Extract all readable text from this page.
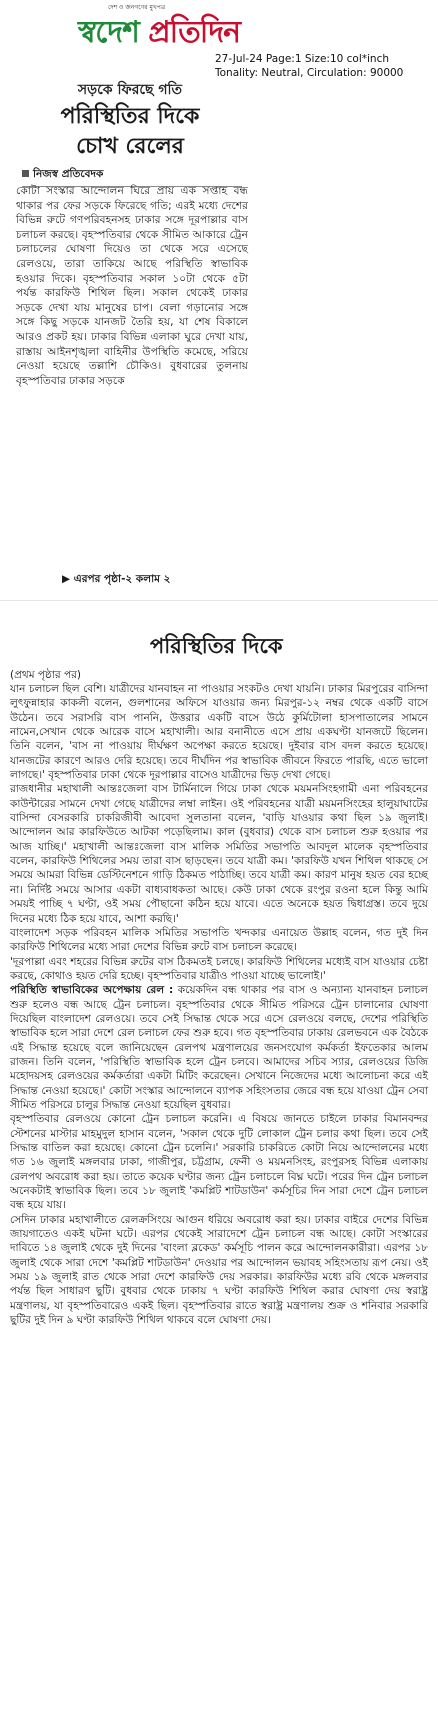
দেশ ও জনগণের মুখপত্র
স্বদেশ প্রতিদিন
27-Jul-24 Page:1 Size:10 col*inch
Tonality: Neutral, Circulation: 90000
সড়কে ফিরছে গতি
পরিস্থিতির দিকে
চোখ রেলের
নিজস্ব প্রতিবেদক

কোটা সংস্কার আন্দোলন ঘিরে প্রায় এক সপ্তাহ বন্ধ থাকার পর ফের সড়কে ফিরেছে গতি; এরই মধ্যে দেশের বিভিন্ন রুটে গণপরিবহনসহ ঢাকার সঙ্গে দূরপাল্লার বাস চলাচল করছে। বৃহস্পতিবার থেকে সীমিত আকারে ট্রেন চলাচলের ঘোষণা দিয়েও তা থেকে সরে এসেছে রেলওয়ে, তারা তাকিয়ে আছে পরিস্থিতি স্বাভাবিক হওয়ার দিকে। বৃহস্পতিবার সকাল ১০টা থেকে ৫টা পর্যন্ত কারফিউ শিথিল ছিল। সকাল থেকেই ঢাকার সড়কে দেখা যায় মানুষের চাপ। বেলা গড়ানোর সঙ্গে সঙ্গে কিছু সড়কে যানজট তৈরি হয়, যা শেষ বিকালে আরও প্রকট হয়। ঢাকার বিভিন্ন এলাকা ঘুরে দেখা যায়, রাস্তায় আইনশৃঙ্খলা বাহিনীর উপস্থিতি কমেছে, সরিয়ে নেওয়া হয়েছে তল্লাশি চৌকিও। বুধবারের তুলনায় বৃহস্পতিবার ঢাকার সড়কে

▶ এরপর পৃষ্ঠা-২ কলাম ২
পরিস্থিতির দিকে
(প্রথম পৃষ্ঠার পর)

যান চলাচল ছিল বেশি। যাত্রীদের যানবাহন না পাওয়ার সংকটও দেখা যায়নি। ঢাকার মিরপুরের বাসিন্দা লুৎফুন্নাহার কাকলী বলেন, গুলশানের অফিসে যাওয়ার জন্য মিরপুর-১২ নম্বর থেকে একটি বাসে উঠেন। তবে সরাসরি বাস পাননি, উত্তরার একটি বাসে উঠে কুর্মিটোলা হাসপাতালের সামনে নামেন,সেখান থেকে আরেক বাসে মহাখালী। আর বনানীতে এসে প্রায় একঘণ্টা যানজটে ছিলেন। তিনি বলেন, 'বাস না পাওয়ায় দীর্ঘক্ষণ অপেক্ষা করতে হয়েছে। দুইবার বাস বদল করতে হয়েছে। যানজটের কারণে আরও দেরি হয়েছে। তবে দীর্ঘদিন পর স্বাভাবিক জীবনে ফিরতে পারছি, এতে ভালো লাগছে।' বৃহস্পতিবার ঢাকা থেকে দূরপাল্লার বাসেও যাত্রীদের ভিড় দেখা গেছে।

রাজধানীর মহাখালী আন্তঃজেলা বাস টার্মিনালে গিয়ে ঢাকা থেকে ময়মনসিংহগামী এনা পরিবহনের কাউন্টারের সামনে দেখা গেছে যাত্রীদের লম্বা লাইন। ওই পরিবহনের যাত্রী ময়মনসিংহের হালুয়াঘাটের বাসিন্দা বেসরকারি চাকরিজীবী আবেদা সুলতানা বলেন, 'বাড়ি যাওয়ার কথা ছিল ১৯ জুলাই। আন্দোলন আর কারফিউতে আটকা পড়েছিলাম। কাল (বুধবার) থেকে বাস চলাচল শুরু হওয়ার পর আজ যাচ্ছি।' মহাখালী আন্তঃজেলা বাস মালিক সমিতির সভাপতি আবদুল মালেক বৃহস্পতিবার বলেন, কারফিউ শিথিলের সময় তারা বাস ছাড়ছেন। তবে যাত্রী কম। 'কারফিউ যখন শিথিল থাকছে সে সময়ে আমরা বিভিন্ন ডেস্টিনেশনে গাড়ি ঠিকমত পাঠাচ্ছি। তবে যাত্রী কম। কারণ মানুষ হয়ত বের হচ্ছে না। নির্দিষ্ট সময়ে আসার একটা বাধ্যবাধকতা আছে। কেউ ঢাকা থেকে রংপুর রওনা হলে কিন্তু আমি সময়ই পাচ্ছি ৭ ঘণ্টা, ওই সময় পৌছানো কঠিন হয়ে যাবে। এতে অনেকে হয়ত দ্বিধাগ্রস্ত। তবে দুয়ে দিনের মধ্যে ঠিক হয়ে যাবে, আশা করছি।'

বাংলাদেশ সড়ক পরিবহন মালিক সমিতির সভাপতি খন্দকার এনায়েত উল্লাহ বলেন, গত দুই দিন কারফিউ শিথিলের মধ্যে সারা দেশের বিভিন্ন রুটে বাস চলাচল করেছে।

'দূরপাল্লা এবং শহরের বিভিন্ন রুটের বাস ঠিকমতই চলছে। কারফিউ শিথিলের মধ্যেই বাস যাওয়ার চেষ্টা করছে, কোথাও হয়ত দেরি হচ্ছে। বৃহস্পতিবার যাত্রীও পাওয়া যাচ্ছে ভালোই।'

পরিস্থিতি স্বাভাবিকের অপেক্ষায় রেল : কয়েকদিন বন্ধ থাকার পর বাস ও অন্যান্য যানবাহন চলাচল শুরু হলেও বন্ধ আছে ট্রেন চলাচল। বৃহস্পতিবার থেকে সীমিত পরিসরে ট্রেন চালানোর ঘোষণা দিয়েছিল বাংলাদেশ রেলওয়ে। তবে সেই সিদ্ধান্ত থেকে সরে এসে রেলওয়ে বলছে, দেশের পরিস্থিতি স্বাভাবিক হলে সারা দেশে রেল চলাচল ফের শুরু হবে। গত বৃহস্পতিবার ঢাকায় রেলভবনে এক বৈঠকে এই সিদ্ধান্ত হয়েছে বলে জানিয়েছেন রেলপথ মন্ত্রণালয়ের জনসংযোগ কর্মকর্তা ইফতেকার আলম রাজন। তিনি বলেন, 'পরিস্থিতি স্বাভাবিক হলে ট্রেন চলবে। আমাদের সচিব স্যার, রেলওয়ের ডিজি মহোদয়সহ রেলওয়ের কর্মকর্তারা একটা মিটিং করেছেন। সেখানে নিজেদের মধ্যে আলোচনা করে এই সিদ্ধান্ত নেওয়া হয়েছে।' কোটা সংস্কার আন্দোলনে ব্যাপক সহিংসতার জেরে বন্ধ হয়ে যাওয়া ট্রেন সেবা সীমিত পরিসরে চালুর সিদ্ধান্ত নেওয়া হয়েছিল বুধবার।

বৃহস্পতিবার রেলওয়ে কোনো ট্রেন চলাচল করেনি। এ বিষয়ে জানতে চাইলে ঢাকার বিমানবন্দর স্টেশনের মাস্টার মাহমুদুল হাসান বলেন, 'সকাল থেকে দুটি লোকাল ট্রেন চলার কথা ছিল। তবে সেই সিদ্ধান্ত বাতিল করা হয়েছে। কোনো ট্রেন চলেনি।' সরকারি চাকরিতে কোটা নিয়ে আন্দোলনের মধ্যে গত ১৬ জুলাই মঙ্গলবার ঢাকা, গাজীপুর, চট্টগ্রাম, ফেনী ও ময়মনসিংহ, রংপুরসহ বিভিন্ন এলাকায় রেলপথ অবরোধ করা হয়। তাতে কয়েক ঘণ্টার জন্য ট্রেন চলাচলে বিঘ্ন ঘটে। পরের দিন ট্রেন চলাচল অনেকটাই স্বাভাবিক ছিল। তবে ১৮ জুলাই 'কমপ্লিট শাটডাউন' কর্মসূচির দিন সারা দেশে ট্রেন চলাচল বন্ধ হয়ে যায়।

সেদিন ঢাকার মহাখালীতে রেলক্রসিংয়ে আগুন ধরিয়ে অবরোধ করা হয়। ঢাকার বাইরে দেশের বিভিন্ন জায়গাতেও একই ঘটনা ঘটে। এরপর থেকেই সারাদেশে ট্রেন চলাচল বন্ধ আছে। কোটা সংস্কারের দাবিতে ১৪ জুলাই থেকে দুই দিনের 'বাংলা ব্লকেড' কর্মসূচি পালন করে আন্দোলনকারীরা। এরপর ১৮ জুলাই থেকে সারা দেশে 'কমপ্লিট শাটডাউন' দেওয়ার পর আন্দোলন ভয়াবহ সহিংসতায় রূপ নেয়। ওই সময় ১৯ জুলাই রাত থেকে সারা দেশে কারফিউ দেয় সরকার। কারফিউর মধ্যে রবি থেকে মঙ্গলবার পর্যন্ত ছিল সাধারণ ছুটি। বুধবার থেকে ঢাকায় ৭ ঘণ্টা কারফিউ শিথিল করার ঘোষণা দেয় স্বরাষ্ট্র মন্ত্রণালয়, যা বৃহস্পতিবারেও একই ছিল। বৃহস্পতিবার রাতে স্বরাষ্ট্র মন্ত্রণালয় শুক্র ও শনিবার সরকারি ছুটির দুই দিন ৯ ঘণ্টা কারফিউ শিথিল থাকবে বলে ঘোষণা দেয়।
